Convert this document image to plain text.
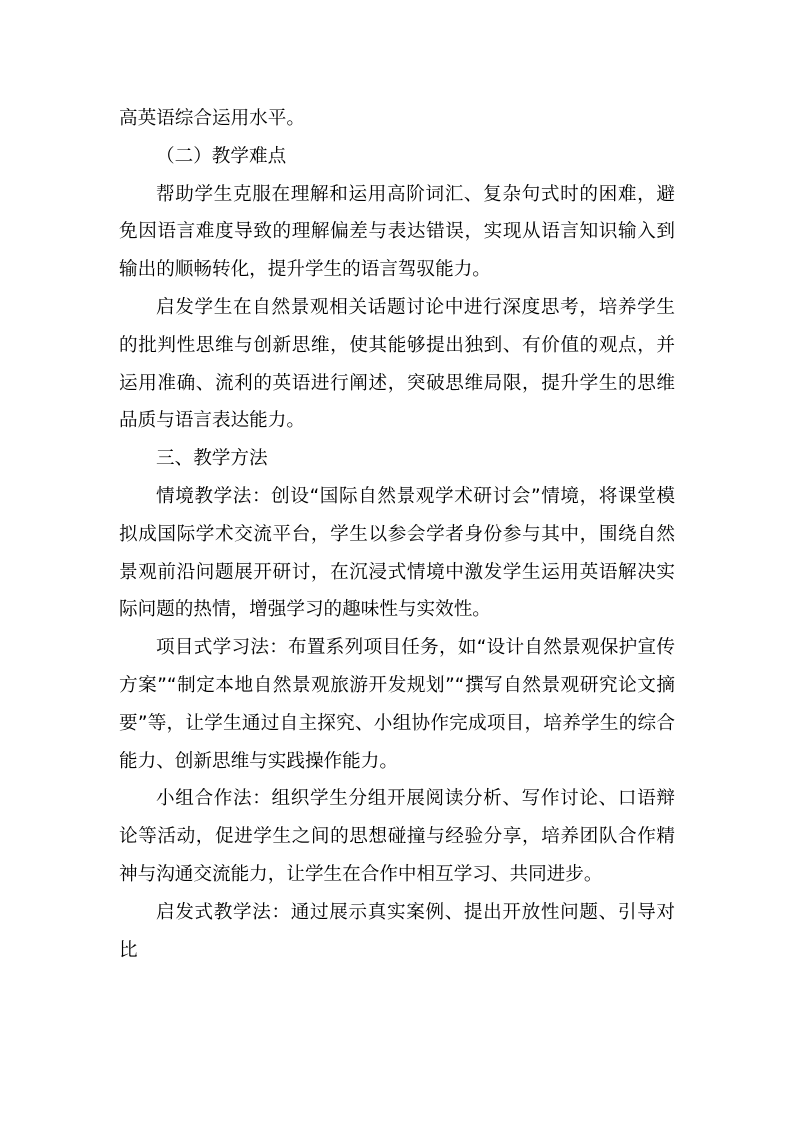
高英语综合运用水平。

（二）教学难点

帮助学生克服在理解和运用高阶词汇、复杂句式时的困难，避免因语言难度导致的理解偏差与表达错误，实现从语言知识输入到输出的顺畅转化，提升学生的语言驾驭能力。

启发学生在自然景观相关话题讨论中进行深度思考，培养学生的批判性思维与创新思维，使其能够提出独到、有价值的观点，并运用准确、流利的英语进行阐述，突破思维局限，提升学生的思维品质与语言表达能力。

三、教学方法

情境教学法：创设“国际自然景观学术研讨会”情境，将课堂模拟成国际学术交流平台，学生以参会学者身份参与其中，围绕自然景观前沿问题展开研讨，在沉浸式情境中激发学生运用英语解决实际问题的热情，增强学习的趣味性与实效性。

项目式学习法：布置系列项目任务，如“设计自然景观保护宣传方案”“制定本地自然景观旅游开发规划”“撰写自然景观研究论文摘要”等，让学生通过自主探究、小组协作完成项目，培养学生的综合能力、创新思维与实践操作能力。

小组合作法：组织学生分组开展阅读分析、写作讨论、口语辩论等活动，促进学生之间的思想碰撞与经验分享，培养团队合作精神与沟通交流能力，让学生在合作中相互学习、共同进步。

启发式教学法：通过展示真实案例、提出开放性问题、引导对比
